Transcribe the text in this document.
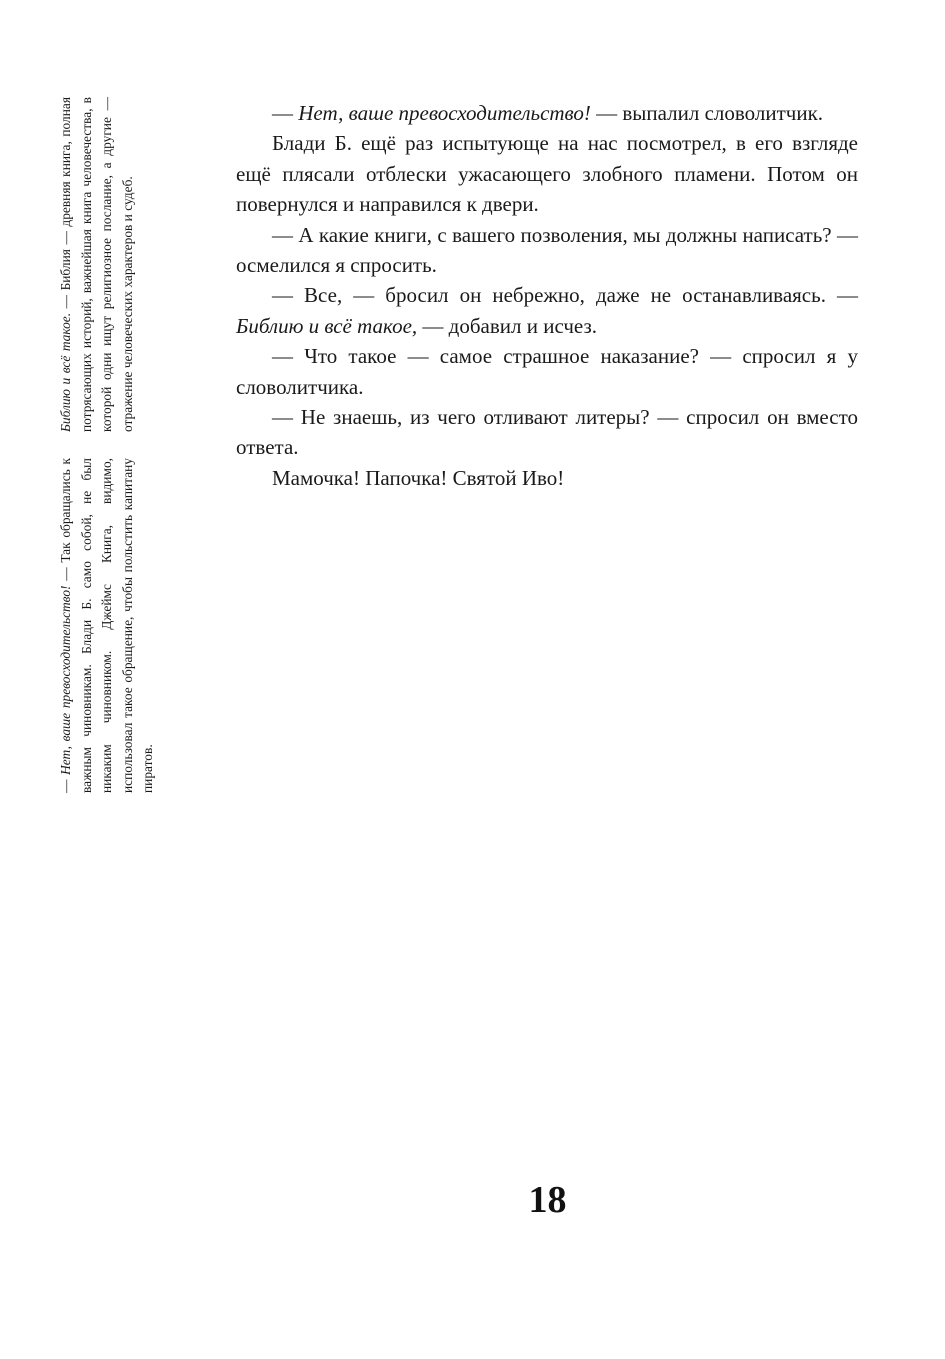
— Нет, ваше превосходительство! — выпалил словолитчик.

Блади Б. ещё раз испытующе на нас посмотрел, в его взгляде ещё плясали отблески ужасающего злобного пламени. Потом он повернулся и направился к двери.

— А какие книги, с вашего позволения, мы должны написать? — осмелился я спросить.

— Все, — бросил он небрежно, даже не останавливаясь. — Библию и всё такое, — добавил и исчез.

— Что такое — самое страшное наказание? — спросил я у словолитчика.

— Не знаешь, из чего отливают литеры? — спросил он вместо ответа.

Мамочка! Папочка! Святой Иво!

Библию и всё такое. — Библия — древняя книга, полная потрясающих историй, важнейшая книга человечества, в которой одни ищут религиозное послание, а другие — отражение человеческих характеров и судеб.

— Нет, ваше превосходительство! — Так обращались к важным чиновникам. Блади Б. само собой, не был никаким чиновником. Джеймс Книга, видимо, использовал такое обращение, чтобы польстить капитану пиратов.

18
